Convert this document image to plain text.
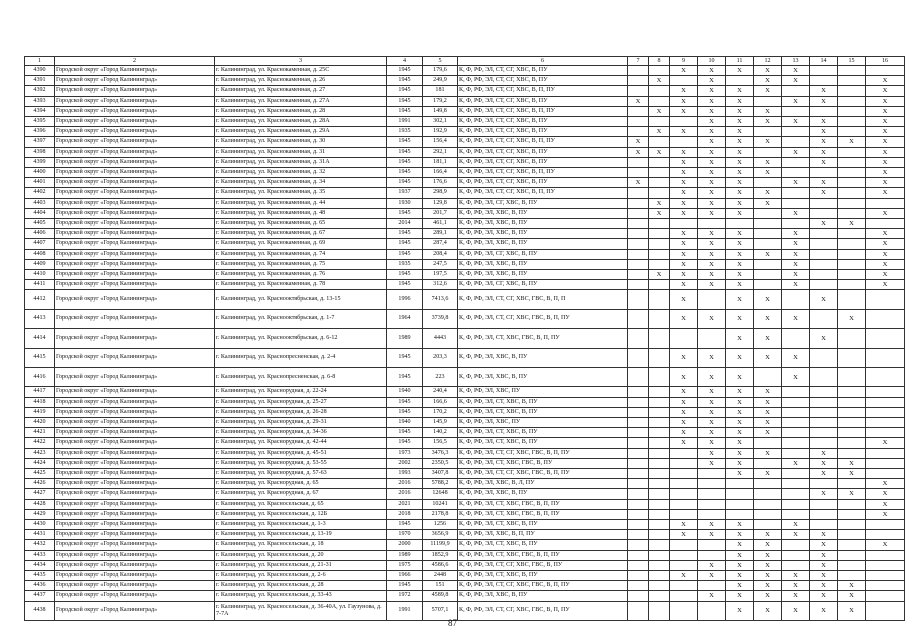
1	2	3	4	5	6	7	8	9	10	11	12	13	14	15	16
4390	Городской округ «Город Калининград»	г. Калининград, ул. Краснокаменная, д. 25С	1945	179,6	К, Ф, РФ, ЭЛ, СТ, СГ, ХВС, В, ПУ			X	X	X	X	X			
4391	Городской округ «Город Калининград»	г. Калининград, ул. Краснокаменная, д. 26	1945	249,9	К, Ф, РФ, ЭЛ, СТ, СГ, ХВС, В, ПУ		X		X		X	X			X
4392	Городской округ «Город Калининград»	г. Калининград, ул. Краснокаменная, д. 27	1945	181	К, Ф, РФ, ЭЛ, СТ, СГ, ХВС, В, П, ПУ			X	X	X	X		X		X
4393	Городской округ «Город Калининград»	г. Калининград, ул. Краснокаменная, д. 27А	1945	179,2	К, Ф, РФ, ЭЛ, СТ, СГ, ХВС, В, ПУ	X		X	X	X		X	X		X
4394	Городской округ «Город Калининград»	г. Калининград, ул. Краснокаменная, д. 28	1945	149,8	К, Ф, РФ, ЭЛ, СТ, СГ, ХВС, В, П, ПУ		X	X	X	X	X				X
4395	Городской округ «Город Калининград»	г. Калининград, ул. Краснокаменная, д. 28А	1991	302,1	К, Ф, РФ, ЭЛ, СТ, СГ, ХВС, В, ПУ				X	X	X	X	X		X
4396	Городской округ «Город Калининград»	г. Калининград, ул. Краснокаменная, д. 29А	1935	192,9	К, Ф, РФ, ЭЛ, СТ, СГ, ХВС, В, ПУ		X	X	X	X			X		X
4397	Городской округ «Город Калининград»	г. Калининград, ул. Краснокаменная, д. 30	1945	156,4	К, Ф, РФ, ЭЛ, СТ, СГ, ХВС, В, П, ПУ	X			X	X	X		X	X	X
4398	Городской округ «Город Калининград»	г. Калининград, ул. Краснокаменная, д. 31	1945	292,1	К, Ф, РФ, ЭЛ, СТ, СГ, ХВС, В, ПУ	X	X	X	X	X		X	X		X
4399	Городской округ «Город Калининград»	г. Калининград, ул. Краснокаменная, д. 31А	1945	181,1	К, Ф, РФ, ЭЛ, СТ, СГ, ХВС, В, ПУ			X	X	X	X		X		X
4400	Городской округ «Город Калининград»	г. Калининград, ул. Краснокаменная, д. 32	1945	166,4	К, Ф, РФ, ЭЛ, СТ, СГ, ХВС, В, П, ПУ			X	X	X	X				X
4401	Городской округ «Город Калининград»	г. Калининград, ул. Краснокаменная, д. 34	1945	176,6	К, Ф, РФ, ЭЛ, СТ, СГ, ХВС, В, ПУ	X		X	X	X		X	X		X
4402	Городской округ «Город Калининград»	г. Калининград, ул. Краснокаменная, д. 35	1937	298,9	К, Ф, РФ, ЭЛ, СТ, СГ, ХВС, В, П, ПУ			X	X	X	X		X		X
4403	Городской округ «Город Калининград»	г. Калининград, ул. Краснокаменная, д. 44	1930	129,8	К, Ф, РФ, ЭЛ, СГ, ХВС, В, ПУ		X	X	X	X	X				
4404	Городской округ «Город Калининград»	г. Калининград, ул. Краснокаменная, д. 48	1945	201,7	К, Ф, РФ, ЭЛ, ХВС, В, ПУ		X	X	X	X		X			X
4405	Городской округ «Город Калининград»	г. Калининград, ул. Краснокаменная, д. 65	2014	461,1	К, Ф, РФ, ЭЛ, ХВС, В, ПУ								X	X	
4406	Городской округ «Город Калининград»	г. Калининград, ул. Краснокаменная, д. 67	1945	289,1	К, Ф, РФ, ЭЛ, ХВС, В, ПУ			X	X	X		X			X
4407	Городской округ «Город Калининград»	г. Калининград, ул. Краснокаменная, д. 69	1945	287,4	К, Ф, РФ, ЭЛ, ХВС, В, ПУ			X	X	X		X			X
4408	Городской округ «Город Калининград»	г. Калининград, ул. Краснокаменная, д. 74	1945	208,4	К, Ф, РФ, ЭЛ, СГ, ХВС, В, ПУ			X	X	X	X	X			X
4409	Городской округ «Город Калининград»	г. Калининград, ул. Краснокаменная, д. 75	1935	247,5	К, Ф, РФ, ЭЛ, ХВС, В, ПУ			X	X	X		X			X
4410	Городской округ «Город Калининград»	г. Калининград, ул. Краснокаменная, д. 76	1945	197,5	К, Ф, РФ, ЭЛ, ХВС, В, ПУ		X	X	X	X		X			X
4411	Городской округ «Город Калининград»	г. Калининград, ул. Краснокаменная, д. 78	1945	312,6	К, Ф, РФ, ЭЛ, СГ, ХВС, В, ПУ			X	X	X		X			X
4412	Городской округ «Город Калининград»	г. Калининград, ул. Краснооктябрьская, д. 13-15	1996	7413,6	К, Ф, РФ, ЭЛ, СТ, СГ, ХВС, ГВС, В, П, П			X		X	X		X		
4413	Городской округ «Город Калининград»	г. Калининград, ул. Краснооктябрьская, д. 1-7	1964	3739,8	К, Ф, РФ, ЭЛ, СТ, СГ, ХВС, ГВС, В, П, ПУ			X	X	X	X	X		X	
4414	Городской округ «Город Калининград»	г. Калининград, ул. Краснооктябрьская, д. 6-12	1989	4443	К, Ф, РФ, ЭЛ, СТ, ХВС, ГВС, В, П, ПУ					X	X		X		
4415	Городской округ «Город Калининград»	г. Калининград, ул. Краснопресненская, д. 2-4	1945	203,3	К, Ф, РФ, ЭЛ, ХВС, В, ПУ			X	X	X	X	X			
4416	Городской округ «Город Калининград»	г. Калининград, ул. Краснопресненская, д. 6-8	1945	223	К, Ф, РФ, ЭЛ, ХВС, В, ПУ			X	X	X		X			
4417	Городской округ «Город Калининград»	г. Калининград, ул. Краснорудная, д. 22-24	1940	240,4	К, Ф, РФ, ЭЛ, ХВС, ПУ			X	X	X	X				
4418	Городской округ «Город Калининград»	г. Калининград, ул. Краснорудная, д. 25-27	1945	166,6	К, Ф, РФ, ЭЛ, СТ, ХВС, В, ПУ			X	X	X	X				
4419	Городской округ «Город Калининград»	г. Калининград, ул. Краснорудная, д. 26-28	1945	170,2	К, Ф, РФ, ЭЛ, СТ, ХВС, В, ПУ			X	X	X	X				
4420	Городской округ «Город Калининград»	г. Калининград, ул. Краснорудная, д. 29-31	1940	145,9	К, Ф, РФ, ЭЛ, ХВС, ПУ			X	X	X	X				
4421	Городской округ «Город Калининград»	г. Калининград, ул. Краснорудная, д. 34-36	1945	140,2	К, Ф, РФ, ЭЛ, СТ, ХВС, В, ПУ			X	X	X	X				
4422	Городской округ «Город Калининград»	г. Калининград, ул. Краснорудная, д. 42-44	1945	156,5	К, Ф, РФ, ЭЛ, СТ, ХВС, В, ПУ			X	X	X					X
4423	Городской округ «Город Калининград»	г. Калининград, ул. Краснорудная, д. 45-51	1973	3476,3	К, Ф, РФ, ЭЛ, СТ, СГ, ХВС, ГВС, В, П, ПУ				X	X	X		X		
4424	Городской округ «Город Калининград»	г. Калининград, ул. Краснорудная, д. 53-55	2002	2350,5	К, Ф, РФ, ЭЛ, СТ, ХВС, ГВС, В, ПУ				X	X		X	X	X	
4425	Городской округ «Город Калининград»	г. Калининград, ул. Краснорудная, д. 57-63	1993	3407,8	К, Ф, РФ, ЭЛ, СТ, СГ, ХВС, ГВС, В, П, ПУ					X	X		X	X	
4426	Городской округ «Город Калининград»	г. Калининград, ул. Краснорудная, д. 65	2016	5788,2	К, Ф, РФ, ЭЛ, ХВС, В, Л, ПУ										X
4427	Городской округ «Город Калининград»	г. Калининград, ул. Краснорудная, д. 67	2016	12648	К, Ф, РФ, ЭЛ, ХВС, В, ПУ								X	X	X
4428	Городской округ «Город Калининград»	г. Калининград, ул. Красносельская, д. 65	2021	10241	К, Ф, РФ, ЭЛ, СТ, ХВС, ГВС, В, П, ПУ										X
4429	Городской округ «Город Калининград»	г. Калининград, ул. Красносельская, д. 12Б	2018	2178,8	К, Ф, РФ, ЭЛ, СТ, ХВС, ГВС, В, П, ПУ										X
4430	Городской округ «Город Калининград»	г. Калининград, ул. Красносельская, д. 1-3	1945	1256	К, Ф, РФ, ЭЛ, СТ, ХВС, В, ПУ			X	X	X		X			
4431	Городской округ «Город Калининград»	г. Калининград, ул. Красносельская, д. 13-19	1970	3656,9	К, Ф, РФ, ЭЛ, ХВС, В, П, ПУ			X	X	X	X	X	X		
4432	Городской округ «Город Калининград»	г. Калининград, ул. Красносельская, д. 18	2000	11199,9	К, Ф, РФ, ЭЛ, СТ, ХВС, В, ПУ					X	X		X		X
4433	Городской округ «Город Калининград»	г. Калининград, ул. Красносельская, д. 20	1989	1852,9	К, Ф, РФ, ЭЛ, СТ, ХВС, ГВС, В, П, ПУ					X	X		X		
4434	Городской округ «Город Калининград»	г. Калининград, ул. Красносельская, д. 21-31	1975	4586,6	К, Ф, РФ, ЭЛ, СТ, СГ, ХВС, ГВС, В, ПУ				X	X	X		X		
4435	Городской округ «Город Калининград»	г. Калининград, ул. Красносельская, д. 2-6	1966	2448	К, Ф, РФ, ЭЛ, СТ, ХВС, В, ПУ			X	X	X	X	X	X		
4436	Городской округ «Город Калининград»	г. Калининград, ул. Красносельская, д. 28	1945	151	К, Ф, РФ, ЭЛ, СТ, СГ, ХВС, ГВС, В, П, ПУ					X	X	X	X	X	
4437	Городской округ «Город Калининград»	г. Калининград, ул. Красносельская, д. 33-43	1972	4589,8	К, Ф, РФ, ЭЛ, ХВС, В, ПУ				X	X	X	X	X	X	
4438	Городской округ «Город Калининград»	г. Калининград, ул. Красносельская, д. 36-40А, ул. Гаузунова, д. 7-7А	1991	5707,1	К, Ф, РФ, ЭЛ, СТ, СГ, ХВС, ГВС, В, П, ПУ					X	X	X	X	X	
87
